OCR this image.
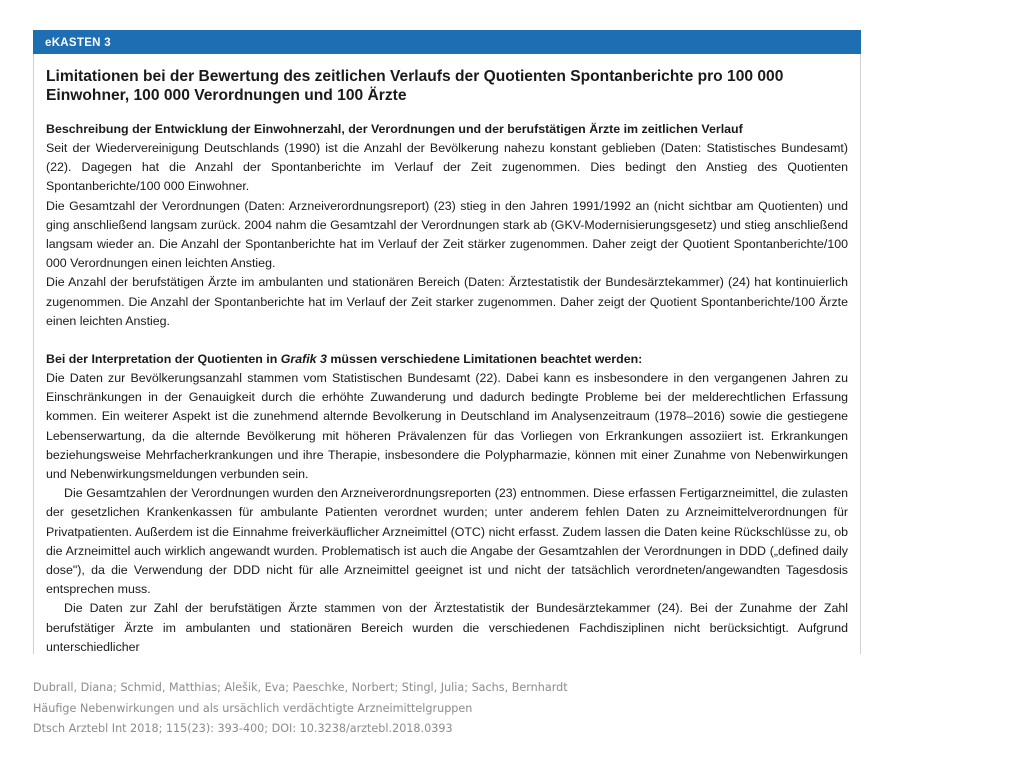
eKASTEN 3
Limitationen bei der Bewertung des zeitlichen Verlaufs der Quotienten Spontanberichte pro 100 000 Einwohner, 100 000 Verordnungen und 100 Ärzte
Beschreibung der Entwicklung der Einwohnerzahl, der Verordnungen und der berufstätigen Ärzte im zeitlichen Verlauf

Seit der Wiedervereinigung Deutschlands (1990) ist die Anzahl der Bevölkerung nahezu konstant geblieben (Daten: Statistisches Bundesamt) (22). Dagegen hat die Anzahl der Spontanberichte im Verlauf der Zeit zugenommen. Dies bedingt den Anstieg des Quotienten Spontanberichte/100 000 Einwohner.

Die Gesamtzahl der Verordnungen (Daten: Arzneiverordnungsreport) (23) stieg in den Jahren 1991/1992 an (nicht sichtbar am Quotienten) und ging anschließend langsam zurück. 2004 nahm die Gesamtzahl der Verordnungen stark ab (GKV-Modernisierungsgesetz) und stieg anschließend langsam wieder an. Die Anzahl der Spontanberichte hat im Verlauf der Zeit stärker zugenommen. Daher zeigt der Quotient Spontanberichte/100 000 Verordnungen einen leichten Anstieg.

Die Anzahl der berufstätigen Ärzte im ambulanten und stationären Bereich (Daten: Ärztestatistik der Bundesärztekammer) (24) hat kontinuierlich zugenommen. Die Anzahl der Spontanberichte hat im Verlauf der Zeit starker zugenommen. Daher zeigt der Quotient Spontanberichte/100 Ärzte einen leichten Anstieg.

Bei der Interpretation der Quotienten in Grafik 3 müssen verschiedene Limitationen beachtet werden:

Die Daten zur Bevölkerungsanzahl stammen vom Statistischen Bundesamt (22). Dabei kann es insbesondere in den vergangenen Jahren zu Einschränkungen in der Genauigkeit durch die erhöhte Zuwanderung und dadurch bedingte Probleme bei der melderechtlichen Erfassung kommen. Ein weiterer Aspekt ist die zunehmend alternde Bevolkerung in Deutschland im Analysenzeitraum (1978–2016) sowie die gestiegene Lebenserwartung, da die alternde Bevölkerung mit höheren Prävalenzen für das Vorliegen von Erkrankungen assoziiert ist. Erkrankungen beziehungsweise Mehrfacherkrankungen und ihre Therapie, insbesondere die Polypharmazie, können mit einer Zunahme von Nebenwirkungen und Nebenwirkungsmeldungen verbunden sein.

Die Gesamtzahlen der Verordnungen wurden den Arzneiverordnungsreporten (23) entnommen. Diese erfassen Fertigarzneimittel, die zulasten der gesetzlichen Krankenkassen für ambulante Patienten verordnet wurden; unter anderem fehlen Daten zu Arzneimittelverordnungen für Privatpatienten. Außerdem ist die Einnahme freiverkäuflicher Arzneimittel (OTC) nicht erfasst. Zudem lassen die Daten keine Rückschlüsse zu, ob die Arzneimittel auch wirklich angewandt wurden. Problematisch ist auch die Angabe der Gesamtzahlen der Verordnungen in DDD („defined daily dose"), da die Verwendung der DDD nicht für alle Arzneimittel geeignet ist und nicht der tatsächlich verordneten/angewandten Tagesdosis entsprechen muss.

Die Daten zur Zahl der berufstätigen Ärzte stammen von der Ärztestatistik der Bundesärztekammer (24). Bei der Zunahme der Zahl berufstätiger Ärzte im ambulanten und stationären Bereich wurden die verschiedenen Fachdisziplinen nicht berücksichtigt. Aufgrund unterschiedlicher

Dubrall, Diana; Schmid, Matthias; Alešik, Eva; Paeschke, Norbert; Stingl, Julia; Sachs, Bernhardt
Häufige Nebenwirkungen und als ursächlich verdächtigte Arzneimittelgruppen
Dtsch Arztebl Int 2018; 115(23): 393-400; DOI: 10.3238/arztebl.2018.0393
